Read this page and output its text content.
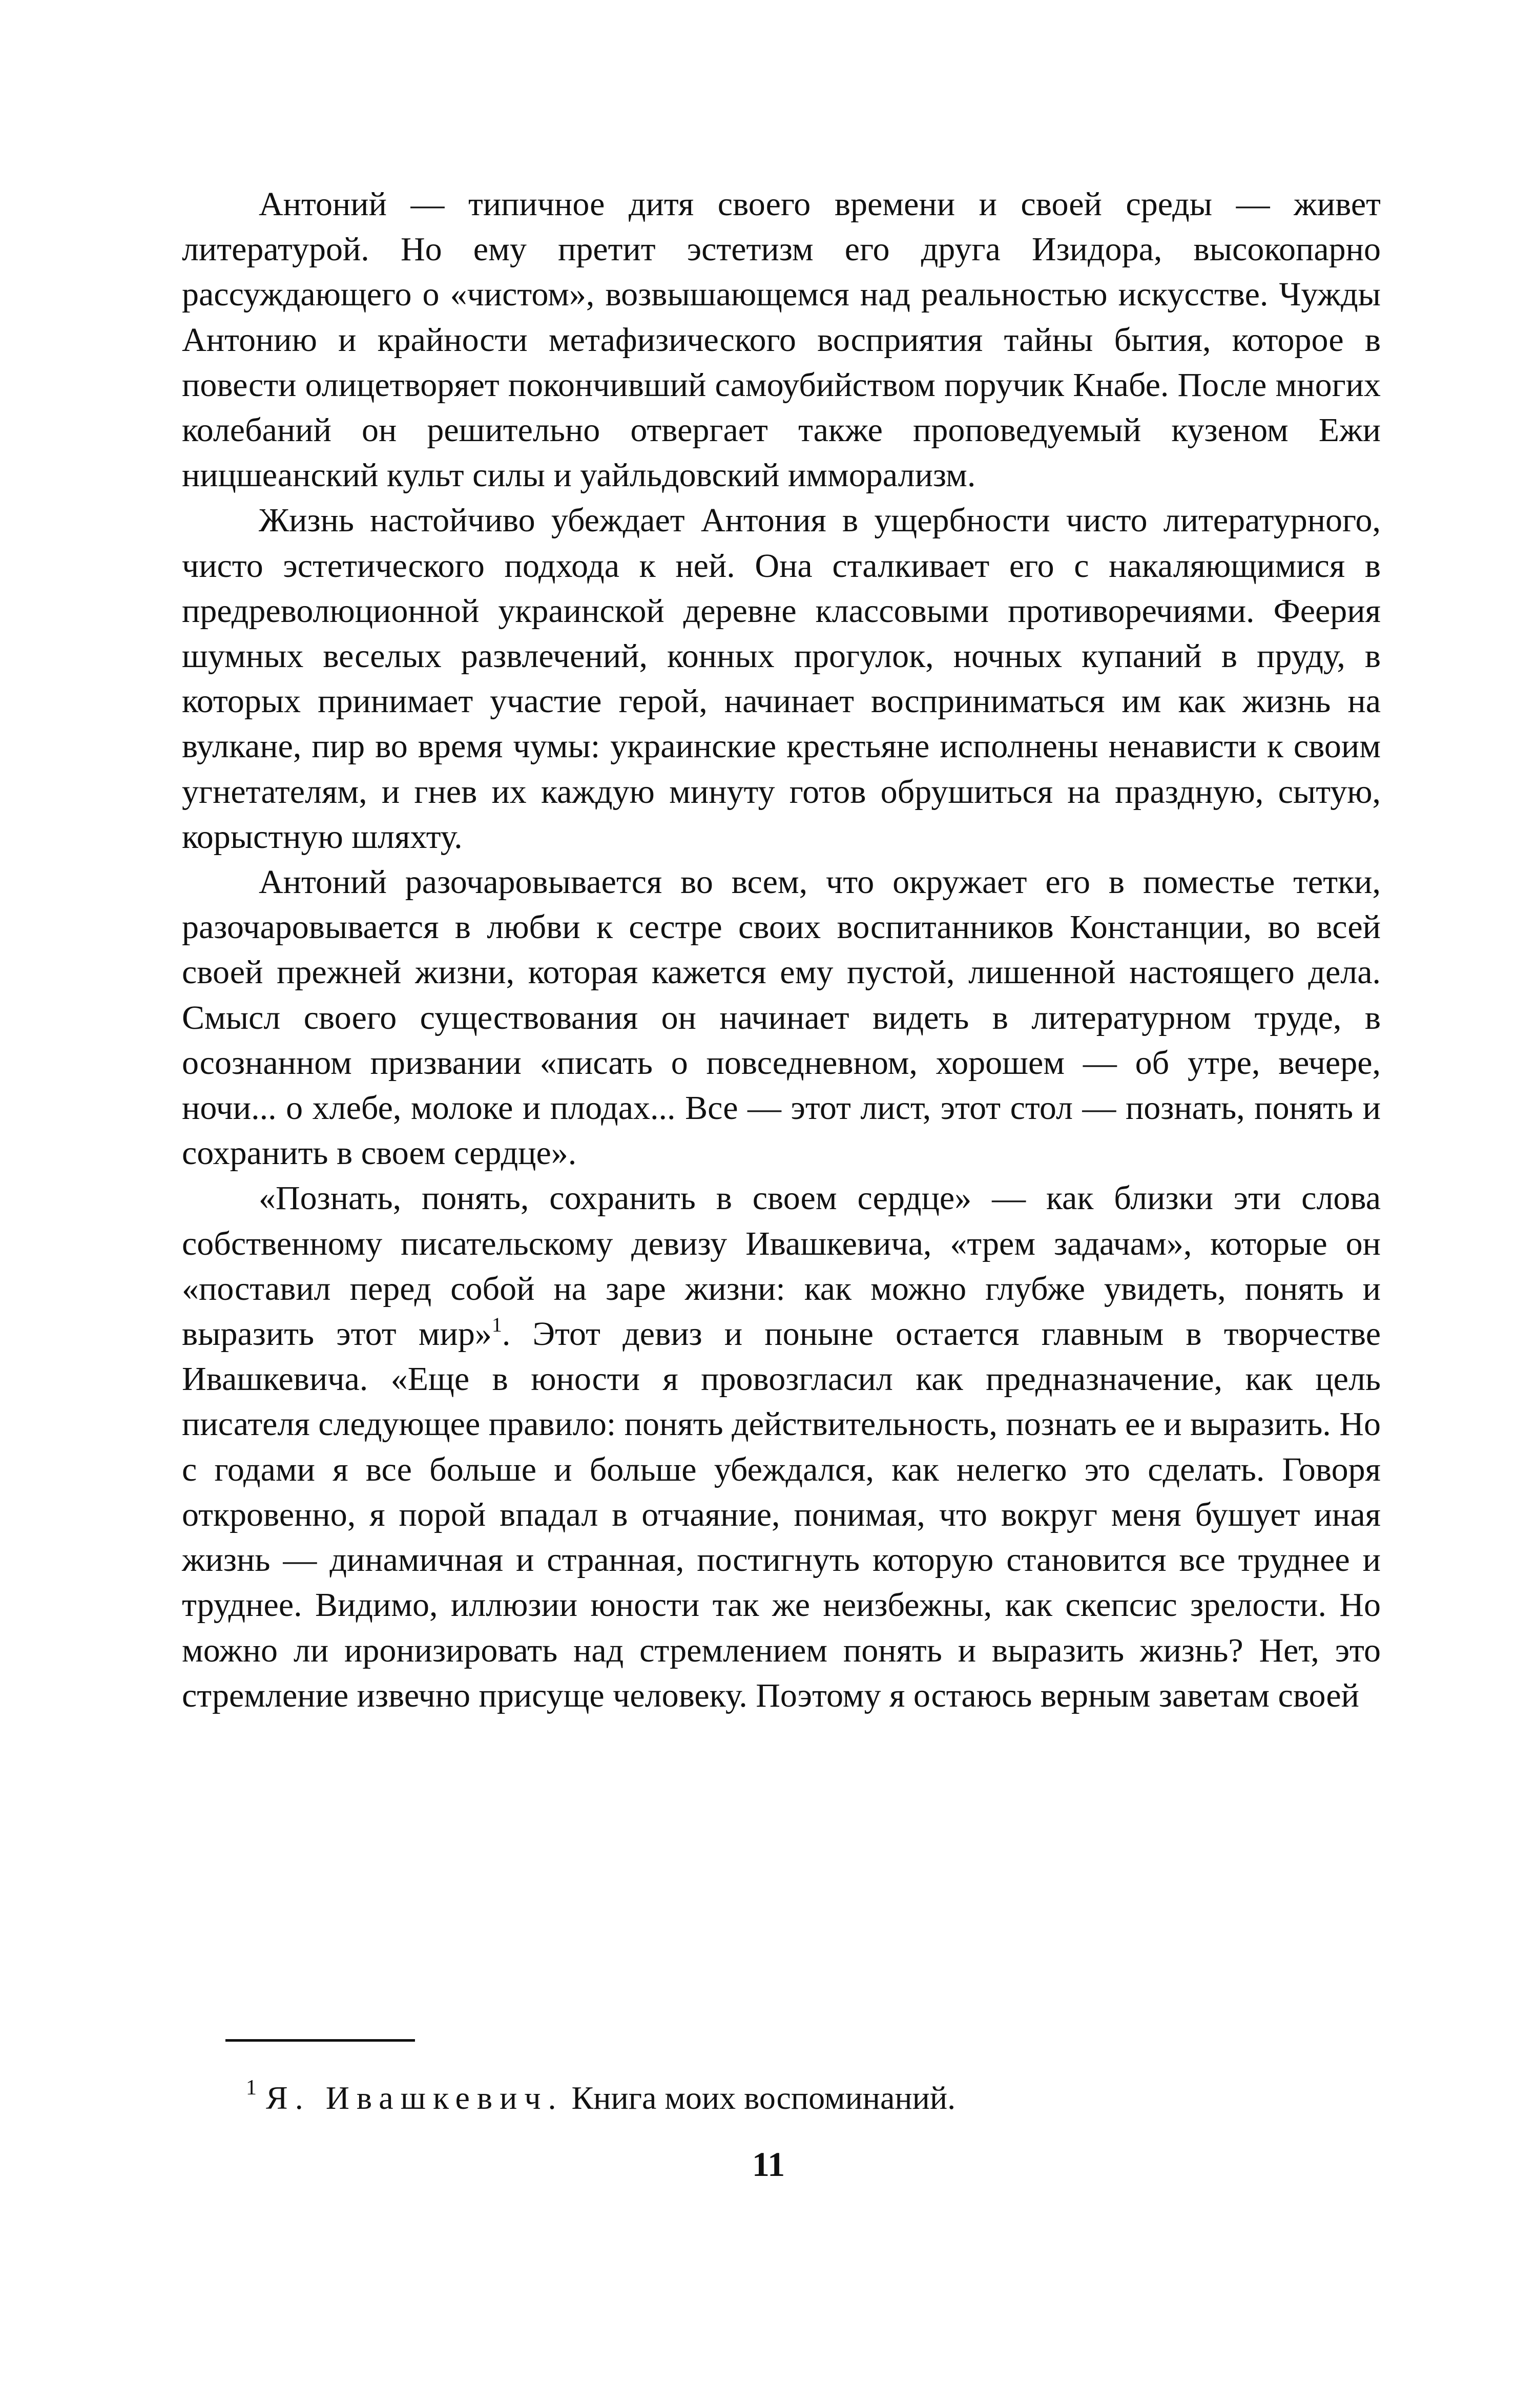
Антоний — типичное дитя своего времени и своей среды — живет литературой. Но ему претит эстетизм его друга Изидора, высокопарно рассуждающего о «чистом», возвышающемся над реальностью искусстве. Чужды Антонию и крайности метафизического восприятия тайны бытия, которое в повести олицетворяет покончивший самоубийством поручик Кнабе. После многих колебаний он решительно отвергает также проповедуемый кузеном Ежи ницшеанский культ силы и уайльдовский имморализм.

Жизнь настойчиво убеждает Антония в ущербности чисто литературного, чисто эстетического подхода к ней. Она сталкивает его с накаляющимися в предреволюционной украинской деревне классовыми противоречиями. Феерия шумных веселых развлечений, конных прогулок, ночных купаний в пруду, в которых принимает участие герой, начинает восприниматься им как жизнь на вулкане, пир во время чумы: украинские крестьяне исполнены ненависти к своим угнетателям, и гнев их каждую минуту готов обрушиться на праздную, сытую, корыстную шляхту.

Антоний разочаровывается во всем, что окружает его в поместье тетки, разочаровывается в любви к сестре своих воспитанников Констанции, во всей своей прежней жизни, которая кажется ему пустой, лишенной настоящего дела. Смысл своего существования он начинает видеть в литературном труде, в осознанном призвании «писать о повседневном, хорошем — об утре, вечере, ночи... о хлебе, молоке и плодах... Все — этот лист, этот стол — познать, понять и сохранить в своем сердце».

«Познать, понять, сохранить в своем сердце» — как близки эти слова собственному писательскому девизу Ивашкевича, «трем задачам», которые он «поставил перед собой на заре жизни: как можно глубже увидеть, понять и выразить этот мир»$^1$. Этот девиз и поныне остается главным в творчестве Ивашкевича. «Еще в юности я провозгласил как предназначение, как цель писателя следующее правило: понять действительность, познать ее и выразить. Но с годами я все больше и больше убеждался, как нелегко это сделать. Говоря откровенно, я порой впадал в отчаяние, понимая, что вокруг меня бушует иная жизнь — динамичная и странная, постигнуть которую становится все труднее и труднее. Видимо, иллюзии юности так же неизбежны, как скепсис зрелости. Но можно ли иронизировать над стремлением понять и выразить жизнь? Нет, это стремление извечно присуще человеку. Поэтому я остаюсь верным заветам своей

$^1$ Я. Ивашкевич. Книга моих воспоминаний.
11
